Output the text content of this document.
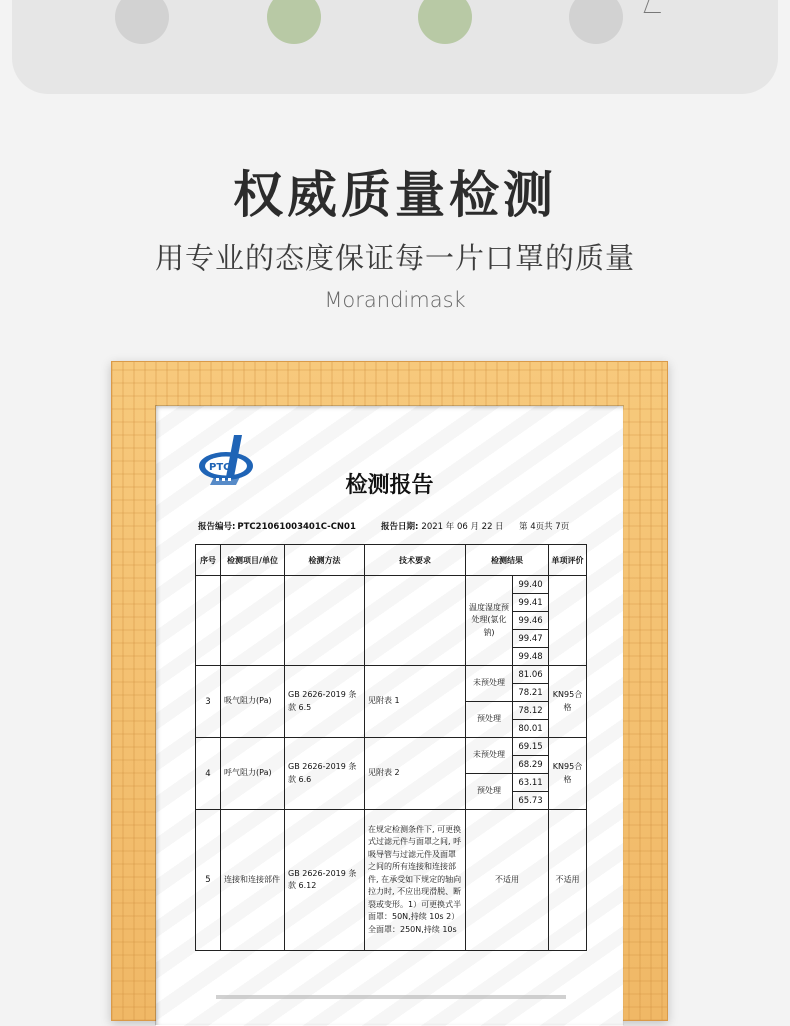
权威质量检测
用专业的态度保证每一片口罩的质量
Morandimask
PTC
检测报告
报告编号: PTC21061003401C-CN01	报告日期: 2021 年 06 月 22 日 第 4页共 7页
序号	检测项目/单位	检测方法	技术要求	检测结果		单项评价
				温度湿度预处理(氯化钠)	99.40	
					99.41	
					99.46	
					99.47	
					99.48	
3	吸气阻力(Pa)	GB 2626-2019 条款 6.5	见附表 1	未预处理	81.06	KN95合格
					78.21	
				预处理	78.12	
					80.01	
4	呼气阻力(Pa)	GB 2626-2019 条款 6.6	见附表 2	未预处理	69.15	KN95合格
					68.29	
				预处理	63.11	
					65.73	
5	连接和连接部件	GB 2626-2019 条款 6.12	在规定检测条件下, 可更换式过滤元件与面罩之间, 呼吸导管与过滤元件及面罩之间的所有连接和连接部件, 在承受如下规定的轴向拉力时, 不应出现滑脱、断裂或变形。1）可更换式半面罩：50N,持续 10s 2）全面罩：250N,持续 10s	不适用		不适用
